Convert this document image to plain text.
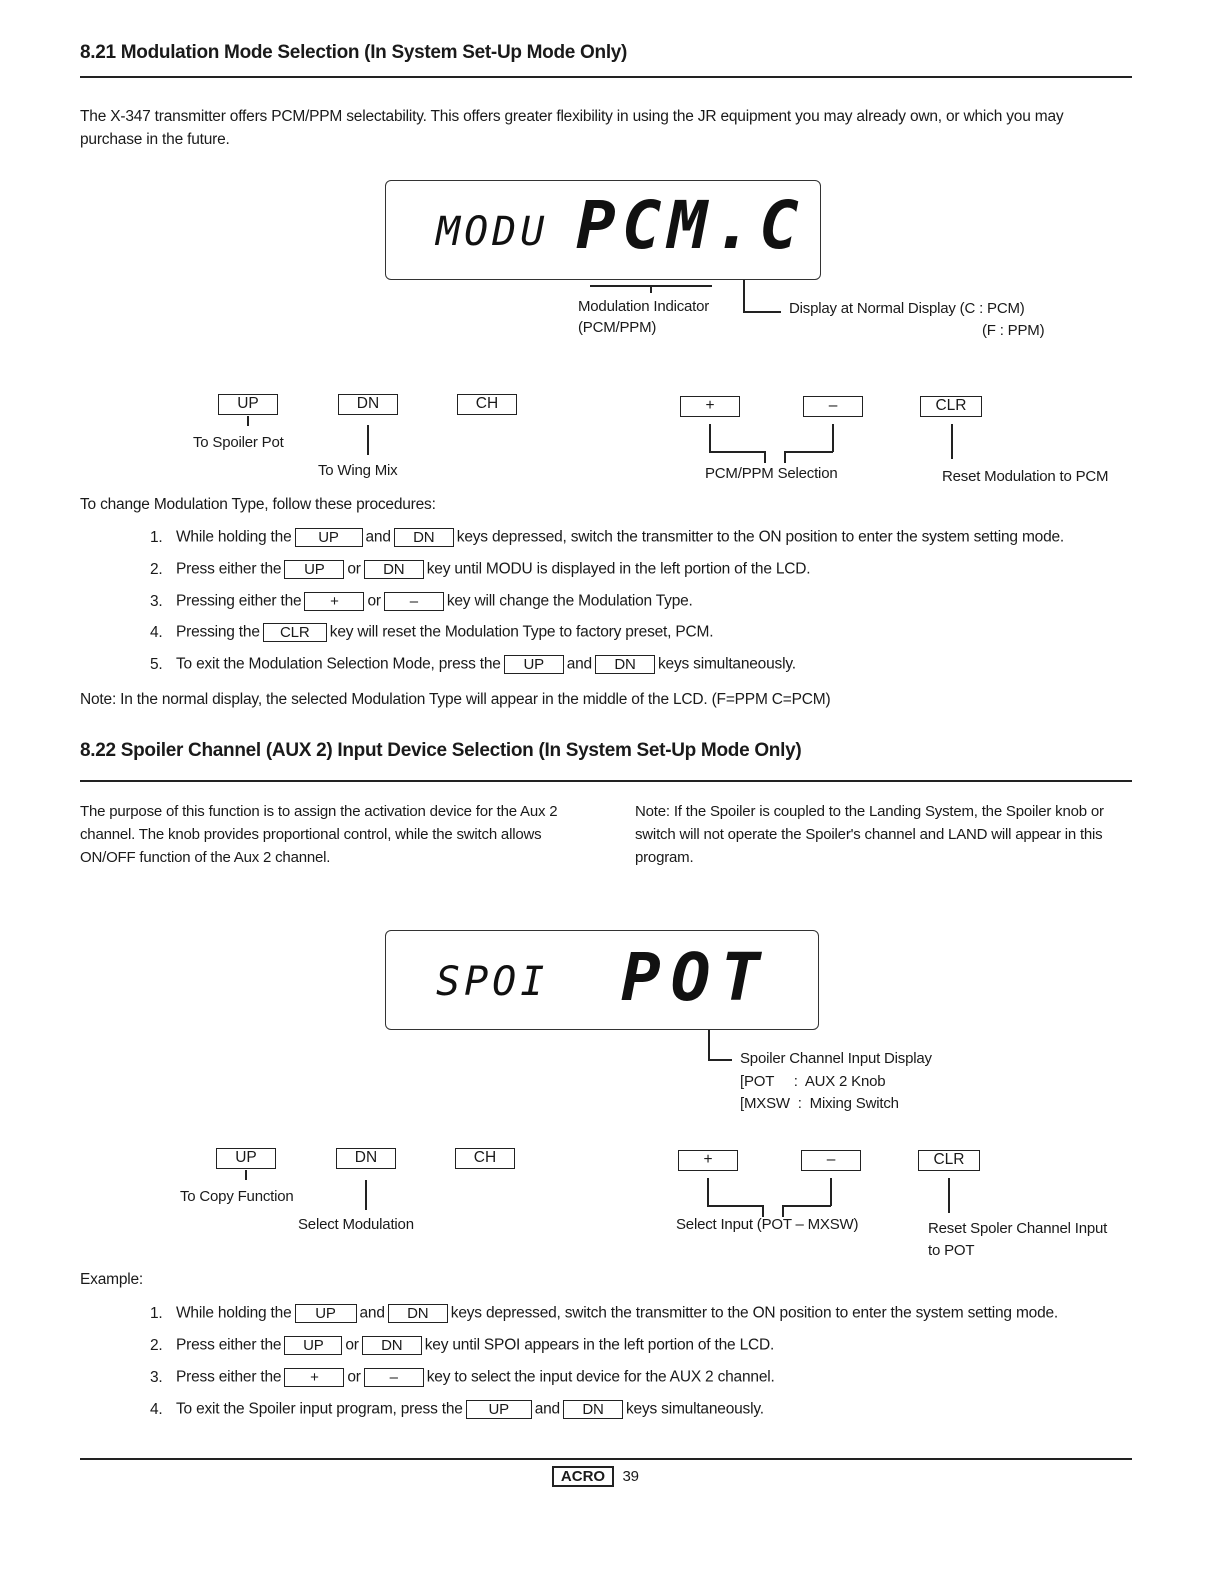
8.21 Modulation Mode Selection (In System Set-Up Mode Only)
The X-347 transmitter offers PCM/PPM selectability. This offers greater flexibility in using the JR equipment you may already own, or which you may purchase in the future.
MODU PCM.C
Modulation Indicator
(PCM/PPM)
Display at Normal Display (C : PCM)
(F : PPM)
UP
To Spoiler Pot
DN
To Wing Mix
CH	+	–
PCM/PPM Selection
CLR
Reset Modulation to PCM
To change Modulation Type, follow these procedures:
1. While holding the UP and DN keys depressed, switch the transmitter to the ON position to enter the system setting mode.
2. Press either the UP or DN key until MODU is displayed in the left portion of the LCD.
3. Pressing either the + or – key will change the Modulation Type.
4. Pressing the CLR key will reset the Modulation Type to factory preset, PCM.
5. To exit the Modulation Selection Mode, press the UP and DN keys simultaneously.
Note: In the normal display, the selected Modulation Type will appear in the middle of the LCD. (F=PPM C=PCM)
8.22 Spoiler Channel (AUX 2) Input Device Selection (In System Set-Up Mode Only)
The purpose of this function is to assign the activation device for the Aux 2 channel. The knob provides proportional control, while the switch allows ON/OFF function of the Aux 2 channel.
Note: If the Spoiler is coupled to the Landing System, the Spoiler knob or switch will not operate the Spoiler's channel and LAND will appear in this program.
SPOI POT
Spoiler Channel Input Display
[POT     :  AUX 2 Knob
[MXSW  :  Mixing Switch
UP
To Copy Function
DN
Select Modulation
CH	+	–
Select Input (POT – MXSW)
CLR
Reset Spoler Channel Input
to POT
Example:
1. While holding the UP and DN keys depressed, switch the transmitter to the ON position to enter the system setting mode.
2. Press either the UP or DN key until SPOI appears in the left portion of the LCD.
3. Press either the + or – key to select the input device for the AUX 2 channel.
4. To exit the Spoiler input program, press the UP and DN keys simultaneously.
ACRO 39
